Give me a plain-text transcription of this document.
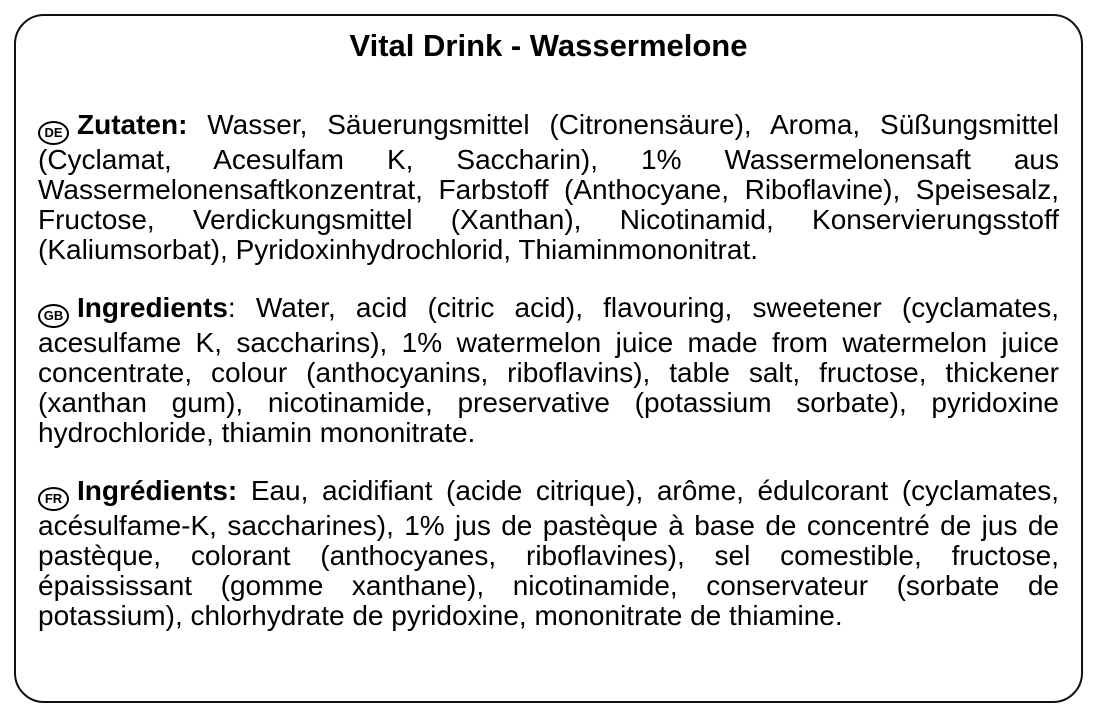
Vital Drink - Wassermelone

DE Zutaten: Wasser, Säuerungsmittel (Citronensäure), Aroma, Süßungsmittel (Cyclamat, Acesulfam K, Saccharin), 1% Wassermelonensaft aus Wassermelonensaftkonzentrat, Farbstoff (Anthocyane, Riboflavine), Speisesalz, Fructose, Verdickungsmittel (Xanthan), Nicotinamid, Konservierungsstoff (Kaliumsorbat), Pyridoxinhydrochlorid, Thiaminmononitrat.

GB Ingredients: Water, acid (citric acid), flavouring, sweetener (cyclamates, acesulfame K, saccharins), 1% watermelon juice made from watermelon juice concentrate, colour (anthocyanins, riboflavins), table salt, fructose, thickener (xanthan gum), nicotinamide, preservative (potassium sorbate), pyridoxine hydrochloride, thiamin mononitrate.

FR Ingrédients: Eau, acidifiant (acide citrique), arôme, édulcorant (cyclamates, acésulfame-K, saccharines), 1% jus de pastèque à base de concentré de jus de pastèque, colorant (anthocyanes, riboflavines), sel comestible, fructose, épaississant (gomme xanthane), nicotinamide, conservateur (sorbate de potassium), chlorhydrate de pyridoxine, mononitrate de thiamine.
